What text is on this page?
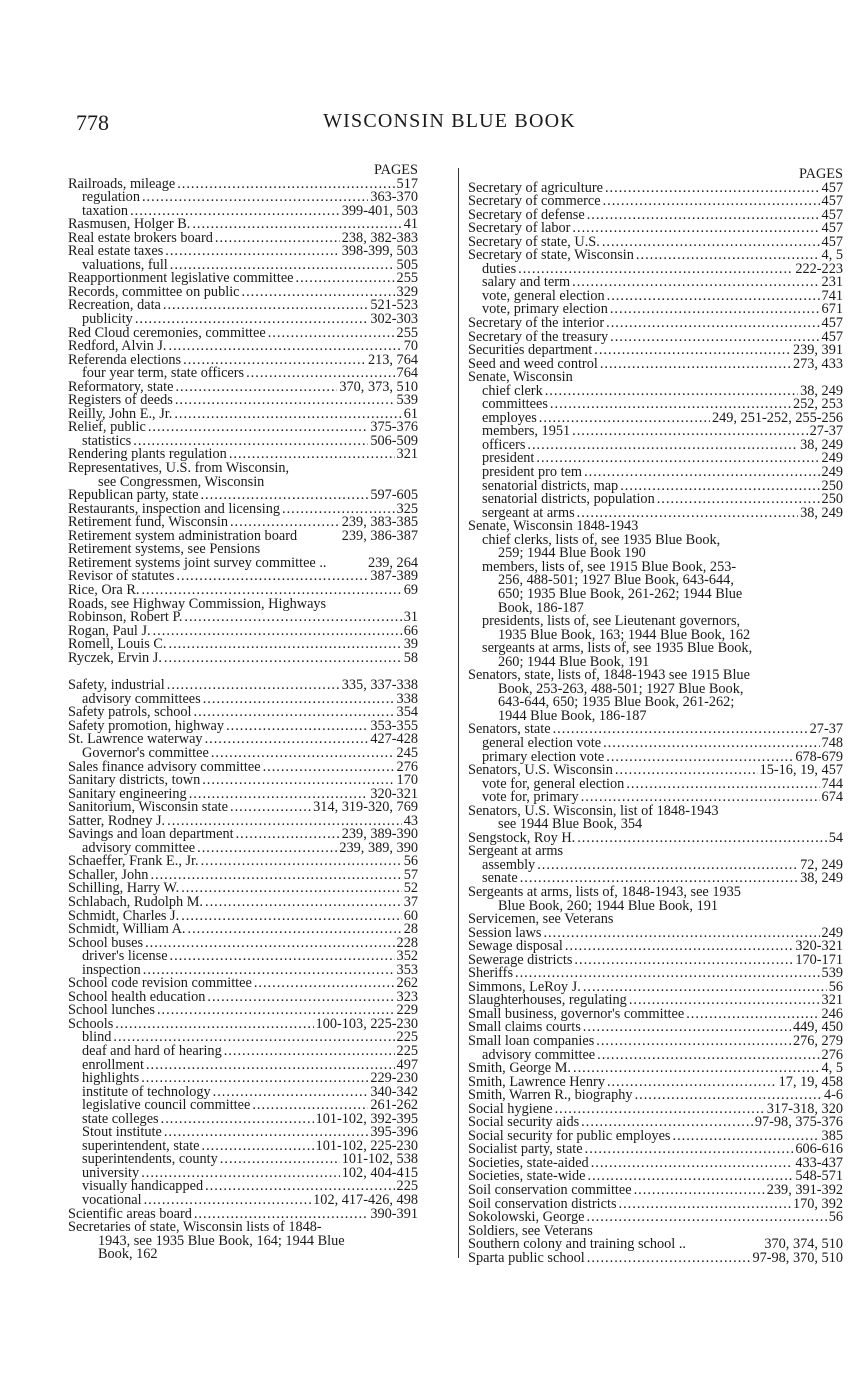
778	WISCONSIN BLUE BOOK
PAGES
Railroads, mileage .....	517
regulation .....	363-370
taxation .....	399-401, 503
Rasmusen, Holger B. .....	41
Real estate brokers board .....	238, 382-383
Real estate taxes .....	398-399, 503
valuations, full .....	505
Reapportionment legislative committee .....	255
Records, committee on public .....	329
Recreation, data .....	521-523
publicity .....	302-303
Red Cloud ceremonies, committee .....	255
Redford, Alvin J. .....	70
Referenda elections .....	213, 764
four year term, state officers .....	764
Reformatory, state .....	370, 373, 510
Registers of deeds .....	539
Reilly, John E., Jr. .....	61
Relief, public .....	375-376
statistics .....	506-509
Rendering plants regulation .....	321
Representatives, U.S. from Wisconsin,
see Congressmen, Wisconsin
Republican party, state .....	597-605
Restaurants, inspection and licensing .....	325
Retirement fund, Wisconsin .....	239, 383-385
Retirement system administration board	239, 386-387
Retirement systems, see Pensions
Retirement systems joint survey committee ..	239, 264
Revisor of statutes .....	387-389
Rice, Ora R. .....	69
Roads, see Highway Commission, Highways
Robinson, Robert P. .....	31
Rogan, Paul J. .....	66
Romell, Louis C. .....	39
Ryczek, Ervin J. .....	58
Safety, industrial .....	335, 337-338
advisory committees .....	338
Safety patrols, school .....	354
Safety promotion, highway .....	353-355
St. Lawrence waterway .....	427-428
Governor's committee .....	245
Sales finance advisory committee .....	276
Sanitary districts, town .....	170
Sanitary engineering .....	320-321
Sanitorium, Wisconsin state .....	314, 319-320, 769
Satter, Rodney J. .....	43
Savings and loan department .....	239, 389-390
advisory committee .....	239, 389, 390
Schaeffer, Frank E., Jr. .....	56
Schaller, John .....	57
Schilling, Harry W. .....	52
Schlabach, Rudolph M. .....	37
Schmidt, Charles J. .....	60
Schmidt, William A. .....	28
School buses .....	228
driver's license .....	352
inspection .....	353
School code revision committee .....	262
School health education .....	323
School lunches .....	229
Schools .....	100-103, 225-230
blind .....	225
deaf and hard of hearing .....	225
enrollment .....	497
highlights .....	229-230
institute of technology .....	340-342
legislative council committee .....	261-262
state colleges .....	101-102, 392-395
Stout institute .....	395-396
superintendent, state .....	101-102, 225-230
superintendents, county .....	101-102, 538
university .....	102, 404-415
visually handicapped .....	225
vocational .....	102, 417-426, 498
Scientific areas board .....	390-391
Secretaries of state, Wisconsin lists of 1848-
1943, see 1935 Blue Book, 164; 1944 Blue
Book, 162
PAGES
Secretary of agriculture .....	457
Secretary of commerce .....	457
Secretary of defense .....	457
Secretary of labor .....	457
Secretary of state, U.S. .....	457
Secretary of state, Wisconsin .....	4, 5
duties .....	222-223
salary and term .....	231
vote, general election .....	741
vote, primary election .....	671
Secretary of the interior .....	457
Secretary of the treasury .....	457
Securities department .....	239, 391
Seed and weed control .....	273, 433
Senate, Wisconsin
chief clerk .....	38, 249
committees .....	252, 253
employes .....	249, 251-252, 255-256
members, 1951 .....	27-37
officers .....	38, 249
president .....	249
president pro tem .....	249
senatorial districts, map .....	250
senatorial districts, population .....	250
sergeant at arms .....	38, 249
Senate, Wisconsin 1848-1943
chief clerks, lists of, see 1935 Blue Book,
259; 1944 Blue Book 190
members, lists of, see 1915 Blue Book, 253-
256, 488-501; 1927 Blue Book, 643-644,
650; 1935 Blue Book, 261-262; 1944 Blue
Book, 186-187
presidents, lists of, see Lieutenant governors,
1935 Blue Book, 163; 1944 Blue Book, 162
sergeants at arms, lists of, see 1935 Blue Book,
260; 1944 Blue Book, 191
Senators, state, lists of, 1848-1943 see 1915 Blue
Book, 253-263, 488-501; 1927 Blue Book,
643-644, 650; 1935 Blue Book, 261-262;
1944 Blue Book, 186-187
Senators, state .....	27-37
general election vote .....	748
primary election vote .....	678-679
Senators, U.S. Wisconsin .....	15-16, 19, 457
vote for, general election .....	744
vote for, primary .....	674
Senators, U.S. Wisconsin, list of 1848-1943
see 1944 Blue Book, 354
Sengstock, Roy H. .....	54
Sergeant at arms
assembly .....	72, 249
senate .....	38, 249
Sergeants at arms, lists of, 1848-1943, see 1935
Blue Book, 260; 1944 Blue Book, 191
Servicemen, see Veterans
Session laws .....	249
Sewage disposal .....	320-321
Sewerage districts .....	170-171
Sheriffs .....	539
Simmons, LeRoy J. .....	56
Slaughterhouses, regulating .....	321
Small business, governor's committee .....	246
Small claims courts .....	449, 450
Small loan companies .....	276, 279
advisory committee .....	276
Smith, George M. .....	4, 5
Smith, Lawrence Henry .....	17, 19, 458
Smith, Warren R., biography .....	4-6
Social hygiene .....	317-318, 320
Social security aids .....	97-98, 375-376
Social security for public employes .....	385
Socialist party, state .....	606-616
Societies, state-aided .....	433-437
Societies, state-wide .....	548-571
Soil conservation committee .....	239, 391-392
Soil conservation districts .....	170, 392
Sokolowski, George .....	56
Soldiers, see Veterans
Southern colony and training school ..	370, 374, 510
Sparta public school .....	97-98, 370, 510
